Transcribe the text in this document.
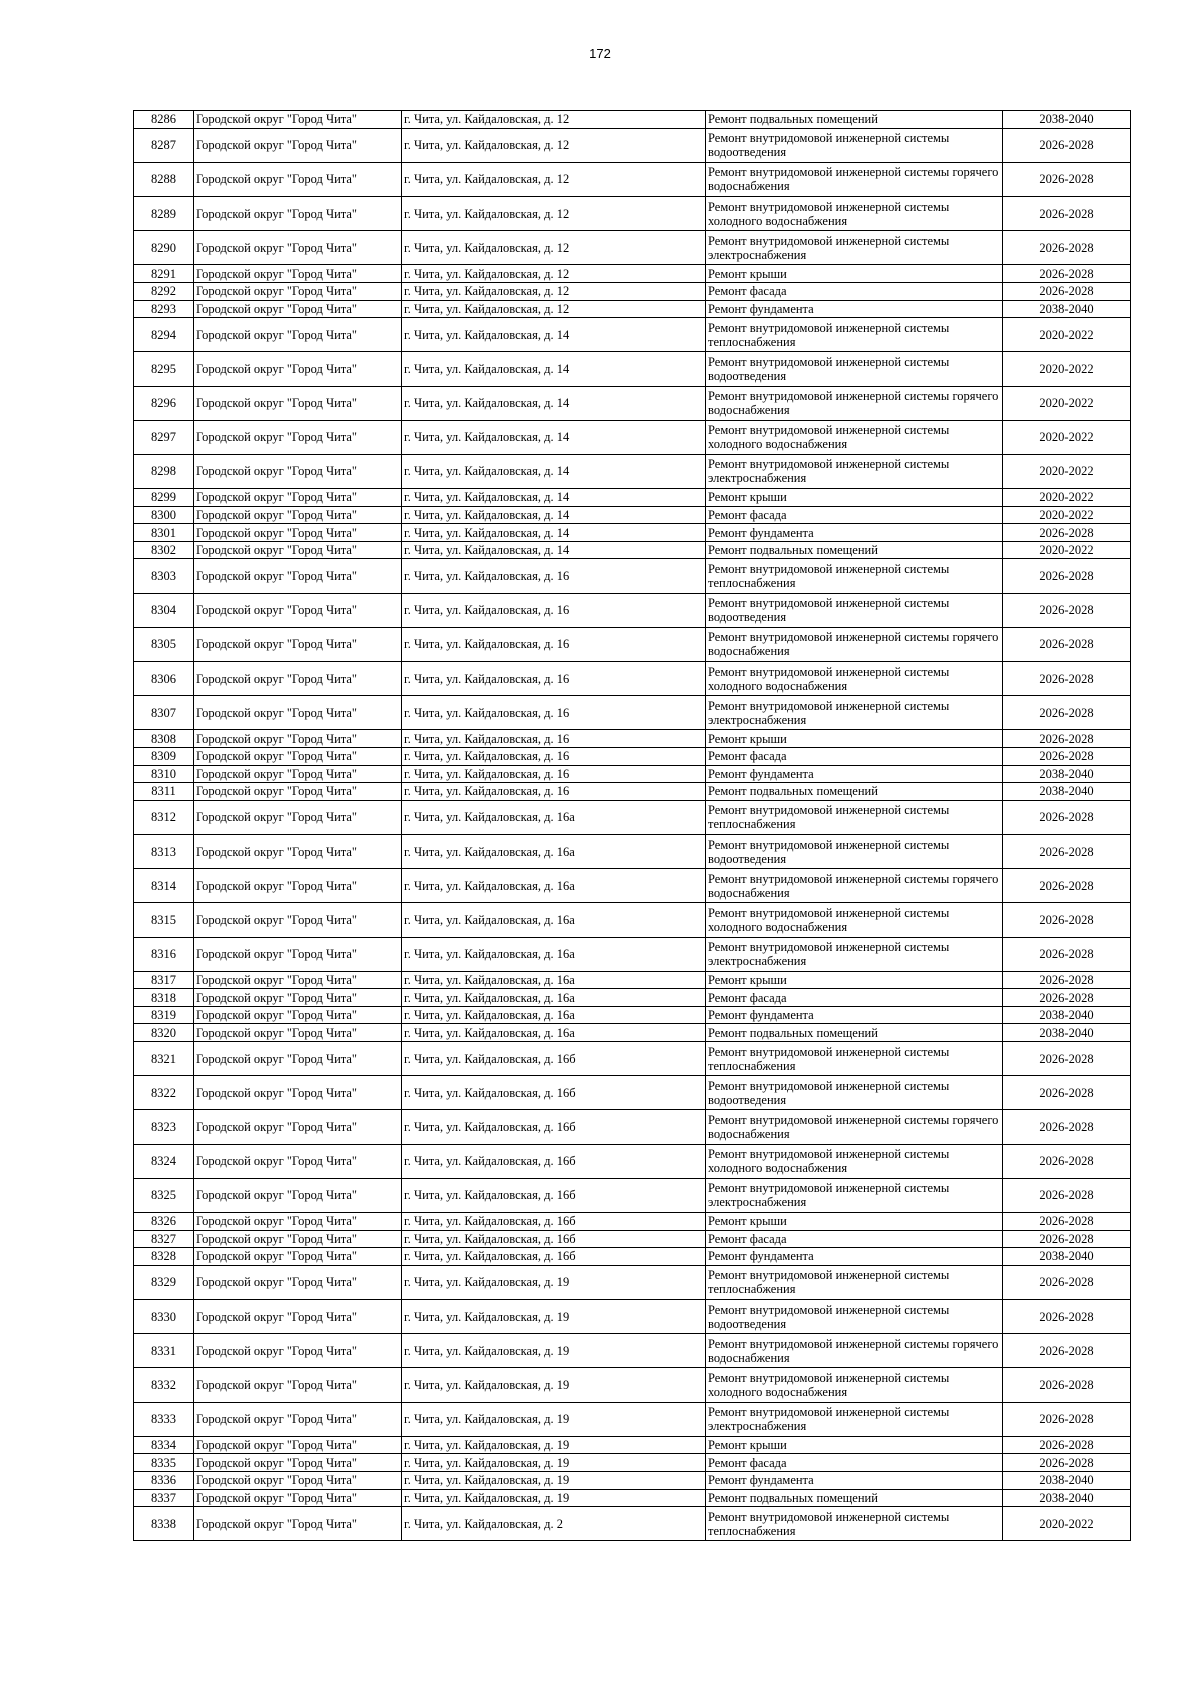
172
8286	Городской округ "Город Чита"	г. Чита, ул. Кайдаловская, д. 12	Ремонт подвальных помещений	2038-2040
8287	Городской округ "Город Чита"	г. Чита, ул. Кайдаловская, д. 12	Ремонт внутридомовой инженерной системы водоотведения	2026-2028
8288	Городской округ "Город Чита"	г. Чита, ул. Кайдаловская, д. 12	Ремонт внутридомовой инженерной системы горячего водоснабжения	2026-2028
8289	Городской округ "Город Чита"	г. Чита, ул. Кайдаловская, д. 12	Ремонт внутридомовой инженерной системы холодного водоснабжения	2026-2028
8290	Городской округ "Город Чита"	г. Чита, ул. Кайдаловская, д. 12	Ремонт внутридомовой инженерной системы электроснабжения	2026-2028
8291	Городской округ "Город Чита"	г. Чита, ул. Кайдаловская, д. 12	Ремонт крыши	2026-2028
8292	Городской округ "Город Чита"	г. Чита, ул. Кайдаловская, д. 12	Ремонт фасада	2026-2028
8293	Городской округ "Город Чита"	г. Чита, ул. Кайдаловская, д. 12	Ремонт фундамента	2038-2040
8294	Городской округ "Город Чита"	г. Чита, ул. Кайдаловская, д. 14	Ремонт внутридомовой инженерной системы теплоснабжения	2020-2022
8295	Городской округ "Город Чита"	г. Чита, ул. Кайдаловская, д. 14	Ремонт внутридомовой инженерной системы водоотведения	2020-2022
8296	Городской округ "Город Чита"	г. Чита, ул. Кайдаловская, д. 14	Ремонт внутридомовой инженерной системы горячего водоснабжения	2020-2022
8297	Городской округ "Город Чита"	г. Чита, ул. Кайдаловская, д. 14	Ремонт внутридомовой инженерной системы холодного водоснабжения	2020-2022
8298	Городской округ "Город Чита"	г. Чита, ул. Кайдаловская, д. 14	Ремонт внутридомовой инженерной системы электроснабжения	2020-2022
8299	Городской округ "Город Чита"	г. Чита, ул. Кайдаловская, д. 14	Ремонт крыши	2020-2022
8300	Городской округ "Город Чита"	г. Чита, ул. Кайдаловская, д. 14	Ремонт фасада	2020-2022
8301	Городской округ "Город Чита"	г. Чита, ул. Кайдаловская, д. 14	Ремонт фундамента	2026-2028
8302	Городской округ "Город Чита"	г. Чита, ул. Кайдаловская, д. 14	Ремонт подвальных помещений	2020-2022
8303	Городской округ "Город Чита"	г. Чита, ул. Кайдаловская, д. 16	Ремонт внутридомовой инженерной системы теплоснабжения	2026-2028
8304	Городской округ "Город Чита"	г. Чита, ул. Кайдаловская, д. 16	Ремонт внутридомовой инженерной системы водоотведения	2026-2028
8305	Городской округ "Город Чита"	г. Чита, ул. Кайдаловская, д. 16	Ремонт внутридомовой инженерной системы горячего водоснабжения	2026-2028
8306	Городской округ "Город Чита"	г. Чита, ул. Кайдаловская, д. 16	Ремонт внутридомовой инженерной системы холодного водоснабжения	2026-2028
8307	Городской округ "Город Чита"	г. Чита, ул. Кайдаловская, д. 16	Ремонт внутридомовой инженерной системы электроснабжения	2026-2028
8308	Городской округ "Город Чита"	г. Чита, ул. Кайдаловская, д. 16	Ремонт крыши	2026-2028
8309	Городской округ "Город Чита"	г. Чита, ул. Кайдаловская, д. 16	Ремонт фасада	2026-2028
8310	Городской округ "Город Чита"	г. Чита, ул. Кайдаловская, д. 16	Ремонт фундамента	2038-2040
8311	Городской округ "Город Чита"	г. Чита, ул. Кайдаловская, д. 16	Ремонт подвальных помещений	2038-2040
8312	Городской округ "Город Чита"	г. Чита, ул. Кайдаловская, д. 16а	Ремонт внутридомовой инженерной системы теплоснабжения	2026-2028
8313	Городской округ "Город Чита"	г. Чита, ул. Кайдаловская, д. 16а	Ремонт внутридомовой инженерной системы водоотведения	2026-2028
8314	Городской округ "Город Чита"	г. Чита, ул. Кайдаловская, д. 16а	Ремонт внутридомовой инженерной системы горячего водоснабжения	2026-2028
8315	Городской округ "Город Чита"	г. Чита, ул. Кайдаловская, д. 16а	Ремонт внутридомовой инженерной системы холодного водоснабжения	2026-2028
8316	Городской округ "Город Чита"	г. Чита, ул. Кайдаловская, д. 16а	Ремонт внутридомовой инженерной системы электроснабжения	2026-2028
8317	Городской округ "Город Чита"	г. Чита, ул. Кайдаловская, д. 16а	Ремонт крыши	2026-2028
8318	Городской округ "Город Чита"	г. Чита, ул. Кайдаловская, д. 16а	Ремонт фасада	2026-2028
8319	Городской округ "Город Чита"	г. Чита, ул. Кайдаловская, д. 16а	Ремонт фундамента	2038-2040
8320	Городской округ "Город Чита"	г. Чита, ул. Кайдаловская, д. 16а	Ремонт подвальных помещений	2038-2040
8321	Городской округ "Город Чита"	г. Чита, ул. Кайдаловская, д. 16б	Ремонт внутридомовой инженерной системы теплоснабжения	2026-2028
8322	Городской округ "Город Чита"	г. Чита, ул. Кайдаловская, д. 16б	Ремонт внутридомовой инженерной системы водоотведения	2026-2028
8323	Городской округ "Город Чита"	г. Чита, ул. Кайдаловская, д. 16б	Ремонт внутридомовой инженерной системы горячего водоснабжения	2026-2028
8324	Городской округ "Город Чита"	г. Чита, ул. Кайдаловская, д. 16б	Ремонт внутридомовой инженерной системы холодного водоснабжения	2026-2028
8325	Городской округ "Город Чита"	г. Чита, ул. Кайдаловская, д. 16б	Ремонт внутридомовой инженерной системы электроснабжения	2026-2028
8326	Городской округ "Город Чита"	г. Чита, ул. Кайдаловская, д. 16б	Ремонт крыши	2026-2028
8327	Городской округ "Город Чита"	г. Чита, ул. Кайдаловская, д. 16б	Ремонт фасада	2026-2028
8328	Городской округ "Город Чита"	г. Чита, ул. Кайдаловская, д. 16б	Ремонт фундамента	2038-2040
8329	Городской округ "Город Чита"	г. Чита, ул. Кайдаловская, д. 19	Ремонт внутридомовой инженерной системы теплоснабжения	2026-2028
8330	Городской округ "Город Чита"	г. Чита, ул. Кайдаловская, д. 19	Ремонт внутридомовой инженерной системы водоотведения	2026-2028
8331	Городской округ "Город Чита"	г. Чита, ул. Кайдаловская, д. 19	Ремонт внутридомовой инженерной системы горячего водоснабжения	2026-2028
8332	Городской округ "Город Чита"	г. Чита, ул. Кайдаловская, д. 19	Ремонт внутридомовой инженерной системы холодного водоснабжения	2026-2028
8333	Городской округ "Город Чита"	г. Чита, ул. Кайдаловская, д. 19	Ремонт внутридомовой инженерной системы электроснабжения	2026-2028
8334	Городской округ "Город Чита"	г. Чита, ул. Кайдаловская, д. 19	Ремонт крыши	2026-2028
8335	Городской округ "Город Чита"	г. Чита, ул. Кайдаловская, д. 19	Ремонт фасада	2026-2028
8336	Городской округ "Город Чита"	г. Чита, ул. Кайдаловская, д. 19	Ремонт фундамента	2038-2040
8337	Городской округ "Город Чита"	г. Чита, ул. Кайдаловская, д. 19	Ремонт подвальных помещений	2038-2040
8338	Городской округ "Город Чита"	г. Чита, ул. Кайдаловская, д. 2	Ремонт внутридомовой инженерной системы теплоснабжения	2020-2022
